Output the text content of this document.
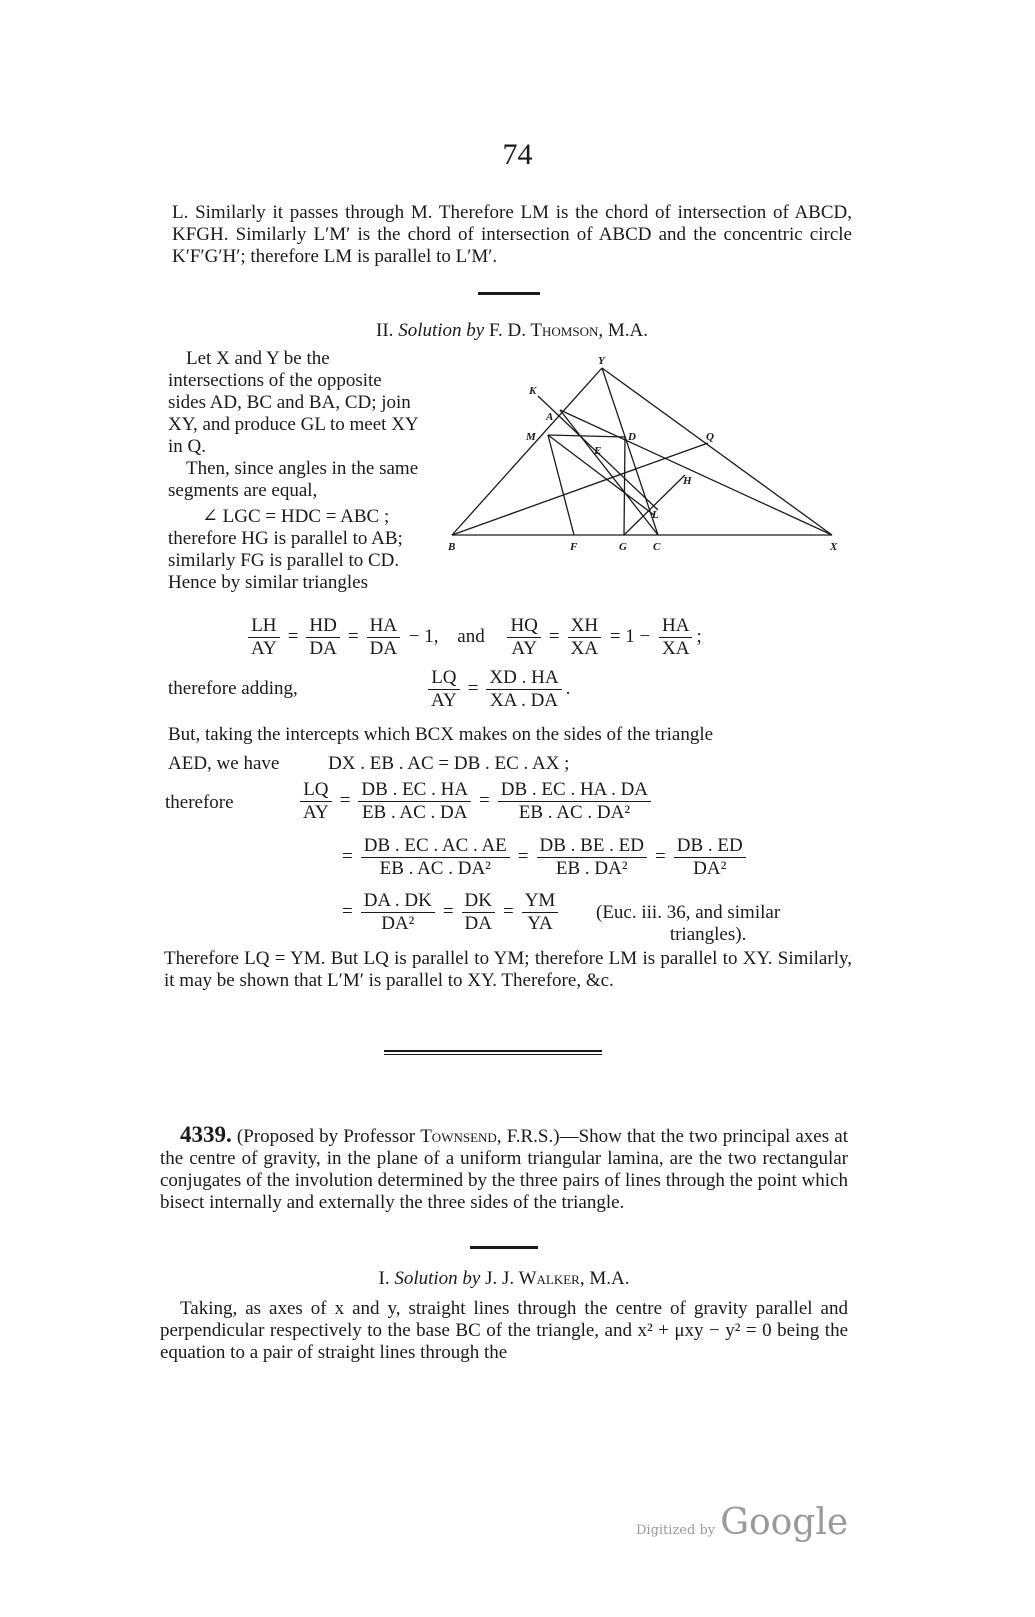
74
L. Similarly it passes through M. Therefore LM is the chord of intersection of ABCD, KFGH. Similarly L′M′ is the chord of intersection of ABCD and the concentric circle K′F′G′H′; therefore LM is parallel to L′M′.
II. Solution by F. D. Thomson, M.A.
Let X and Y be the intersections of the opposite sides AD, BC and BA, CD; join XY, and produce GL to meet XY in Q.
Then, since angles in the same segments are equal,
∠ LGC = HDC = ABC ;
therefore HG is parallel to AB; similarly FG is parallel to CD.
Hence by similar triangles
Y
K
A
M	D	Q
E
H
L
B	F	G C	X
$\frac{LH}{AY} = \frac{HD}{DA} = \frac{HA}{DA} - 1$, and $\frac{HQ}{AY} = \frac{XH}{XA} = 1 - \frac{HA}{XA}$ ;
therefore adding,	$\frac{LQ}{AY} = \frac{XD . HA}{XA . DA}$ .
But, taking the intercepts which BCX makes on the sides of the triangle
AED, we have	DX . EB . AC = DB . EC . AX ;
therefore	$\frac{LQ}{AY} = \frac{DB . EC . HA}{EB . AC . DA} = \frac{DB . EC . HA . DA}{\text{EB . AC . DA²}}$
= $\frac{DB . EC . AC . AE}{\text{EB . AC . DA²}} = \frac{DB . BE . ED}{\text{EB . DA²}} = \frac{DB . ED}{\text{DA²}}$
= $\frac{DA . DK}{\text{DA²}} = \frac{DK}{DA} = \frac{YM}{YA} (Euc$. iii. 36, and similar
triangles).
Therefore LQ = YM. But LQ is parallel to YM; therefore LM is parallel to XY. Similarly, it may be shown that L′M′ is parallel to XY. Therefore, &c.
4339. (Proposed by Professor Townsend, F.R.S.)—Show that the two principal axes at the centre of gravity, in the plane of a uniform triangular lamina, are the two rectangular conjugates of the involution determined by the three pairs of lines through the point which bisect internally and externally the three sides of the triangle.
I. Solution by J. J. Walker, M.A.
Taking, as axes of x and y, straight lines through the centre of gravity parallel and perpendicular respectively to the base BC of the triangle, and x² + μxy − y² = 0 being the equation to a pair of straight lines through the
Digitized by Google
